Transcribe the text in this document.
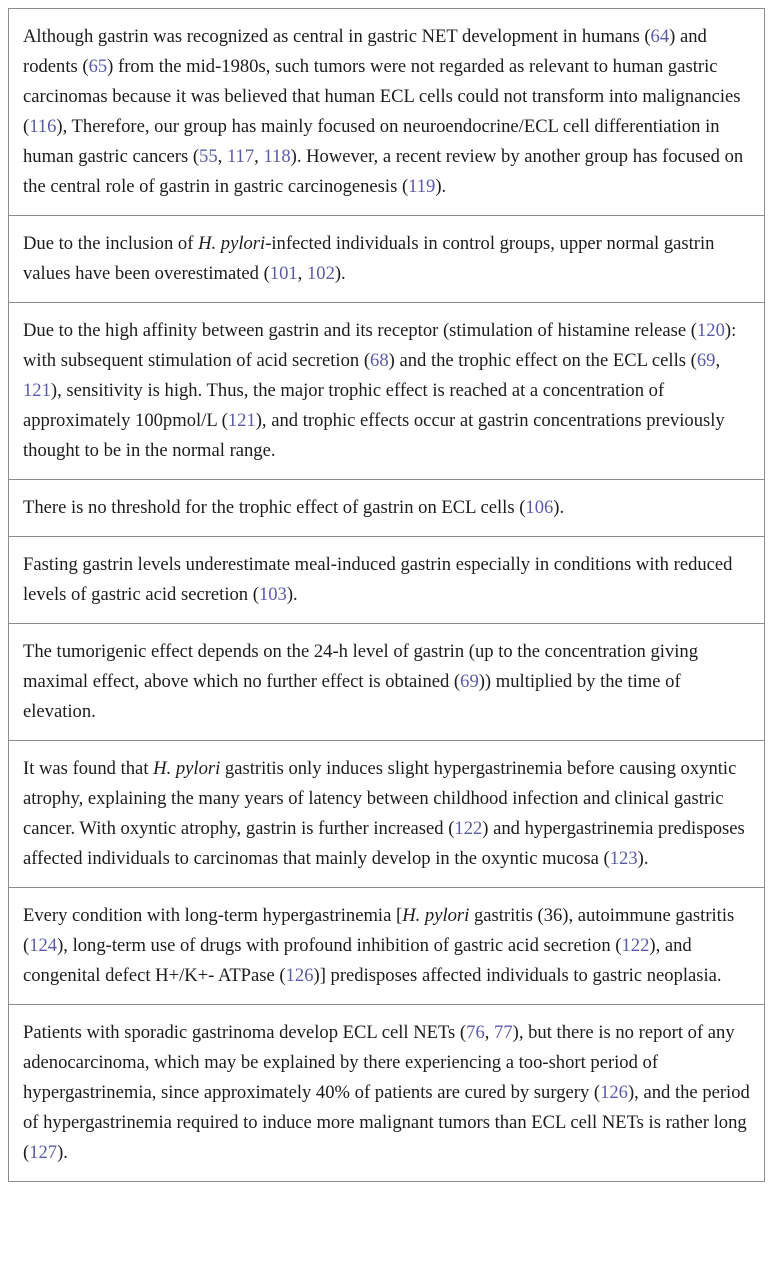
Although gastrin was recognized as central in gastric NET development in humans (64) and rodents (65) from the mid-1980s, such tumors were not regarded as relevant to human gastric carcinomas because it was believed that human ECL cells could not transform into malignancies (116), Therefore, our group has mainly focused on neuroendocrine/ECL cell differentiation in human gastric cancers (55, 117, 118). However, a recent review by another group has focused on the central role of gastrin in gastric carcinogenesis (119).
Due to the inclusion of H. pylori-infected individuals in control groups, upper normal gastrin values have been overestimated (101, 102).
Due to the high affinity between gastrin and its receptor (stimulation of histamine release (120): with subsequent stimulation of acid secretion (68) and the trophic effect on the ECL cells (69, 121), sensitivity is high. Thus, the major trophic effect is reached at a concentration of approximately 100pmol/L (121), and trophic effects occur at gastrin concentrations previously thought to be in the normal range.
There is no threshold for the trophic effect of gastrin on ECL cells (106).
Fasting gastrin levels underestimate meal-induced gastrin especially in conditions with reduced levels of gastric acid secretion (103).
The tumorigenic effect depends on the 24-h level of gastrin (up to the concentration giving maximal effect, above which no further effect is obtained (69)) multiplied by the time of elevation.
It was found that H. pylori gastritis only induces slight hypergastrinemia before causing oxyntic atrophy, explaining the many years of latency between childhood infection and clinical gastric cancer. With oxyntic atrophy, gastrin is further increased (122) and hypergastrinemia predisposes affected individuals to carcinomas that mainly develop in the oxyntic mucosa (123).
Every condition with long-term hypergastrinemia [H. pylori gastritis (36), autoimmune gastritis (124), long-term use of drugs with profound inhibition of gastric acid secretion (122), and congenital defect H+/K+- ATPase (126)] predisposes affected individuals to gastric neoplasia.
Patients with sporadic gastrinoma develop ECL cell NETs (76, 77), but there is no report of any adenocarcinoma, which may be explained by there experiencing a too-short period of hypergastrinemia, since approximately 40% of patients are cured by surgery (126), and the period of hypergastrinemia required to induce more malignant tumors than ECL cell NETs is rather long (127).
